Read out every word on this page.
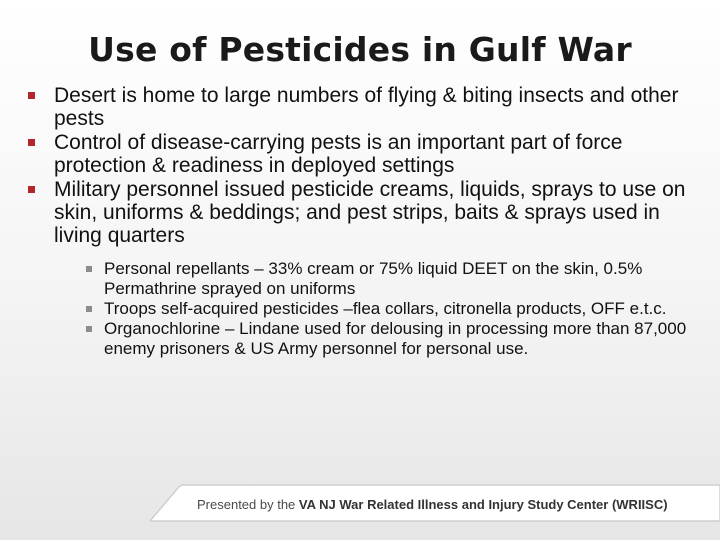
Use of Pesticides in Gulf War
Desert is home to large numbers of flying & biting insects and other pests
Control of disease-carrying pests is an important part of force protection & readiness in deployed settings
Military personnel issued pesticide creams, liquids, sprays to use on skin, uniforms & beddings; and pest strips, baits & sprays used in living quarters
Personal repellants – 33% cream or 75% liquid DEET on the skin, 0.5% Permathrine sprayed on uniforms
Troops self-acquired pesticides –flea collars, citronella products, OFF e.t.c.
Organochlorine – Lindane used for delousing in processing more than 87,000 enemy prisoners & US Army personnel for personal use.
Presented by the VA NJ War Related Illness and Injury Study Center (WRIISC)
